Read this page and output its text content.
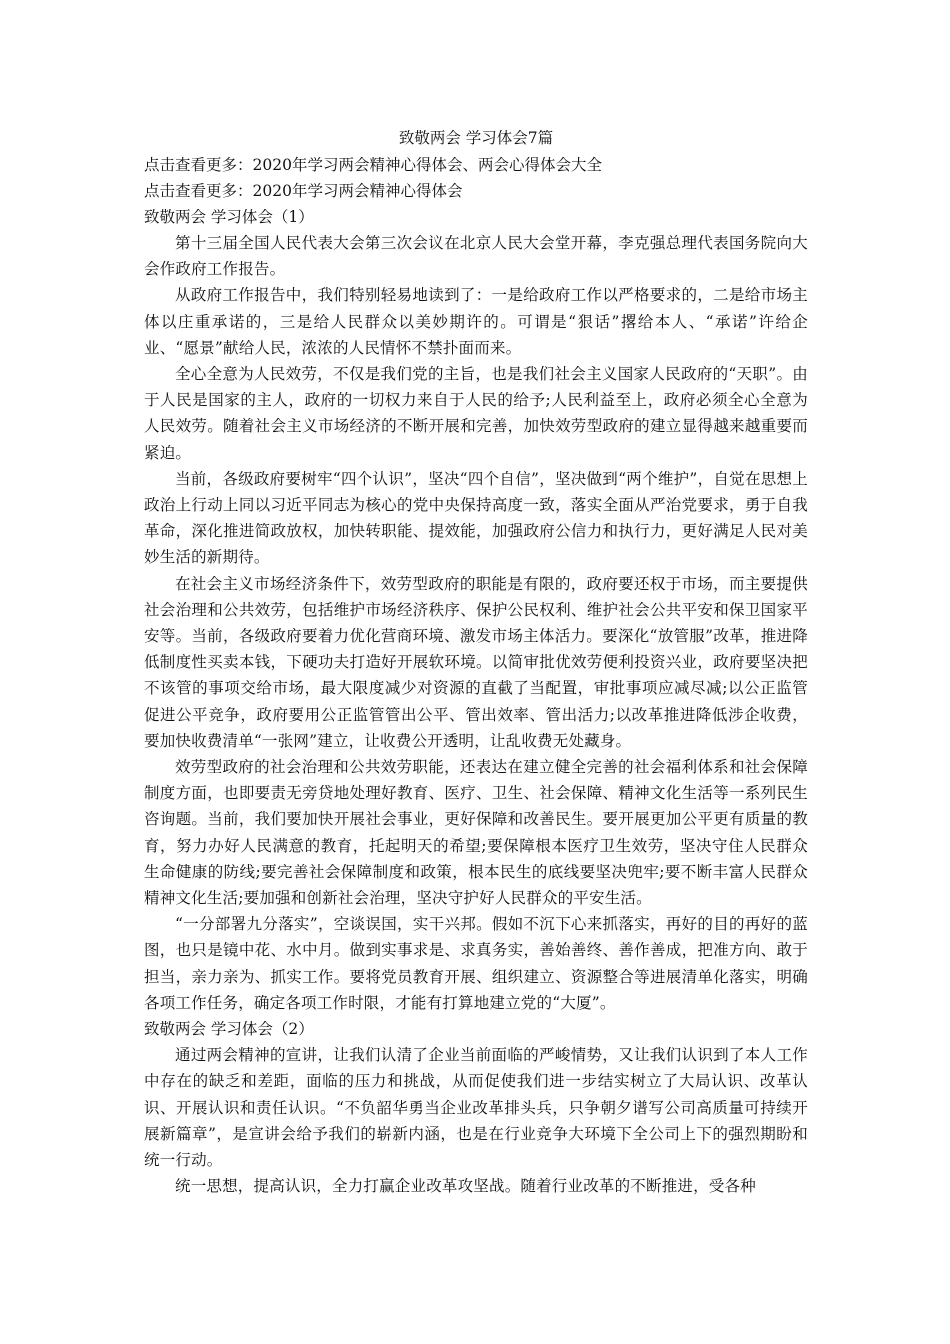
致敬两会 学习体会7篇

点击查看更多：2020年学习两会精神心得体会、两会心得体会大全

点击查看更多：2020年学习两会精神心得体会

致敬两会 学习体会（1）

第十三届全国人民代表大会第三次会议在北京人民大会堂开幕，李克强总理代表国务院向大会作政府工作报告。

从政府工作报告中，我们特别轻易地读到了：一是给政府工作以严格要求的，二是给市场主体以庄重承诺的，三是给人民群众以美妙期许的。可谓是“狠话”撂给本人、“承诺”许给企业、“愿景”献给人民，浓浓的人民情怀不禁扑面而来。

全心全意为人民效劳，不仅是我们党的主旨，也是我们社会主义国家人民政府的“天职”。由于人民是国家的主人，政府的一切权力来自于人民的给予;人民利益至上，政府必须全心全意为人民效劳。随着社会主义市场经济的不断开展和完善，加快效劳型政府的建立显得越来越重要而紧迫。

当前，各级政府要树牢“四个认识”，坚决“四个自信”，坚决做到“两个维护”，自觉在思想上政治上行动上同以习近平同志为核心的党中央保持高度一致，落实全面从严治党要求，勇于自我革命，深化推进简政放权，加快转职能、提效能，加强政府公信力和执行力，更好满足人民对美妙生活的新期待。

在社会主义市场经济条件下，效劳型政府的职能是有限的，政府要还权于市场，而主要提供社会治理和公共效劳，包括维护市场经济秩序、保护公民权利、维护社会公共平安和保卫国家平安等。当前，各级政府要着力优化营商环境、激发市场主体活力。要深化“放管服”改革，推进降低制度性买卖本钱，下硬功夫打造好开展软环境。以简审批优效劳便利投资兴业，政府要坚决把不该管的事项交给市场，最大限度减少对资源的直截了当配置，审批事项应减尽减;以公正监管促进公平竞争，政府要用公正监管管出公平、管出效率、管出活力;以改革推进降低涉企收费，要加快收费清单“一张网”建立，让收费公开透明，让乱收费无处藏身。

效劳型政府的社会治理和公共效劳职能，还表达在建立健全完善的社会福利体系和社会保障制度方面，也即要责无旁贷地处理好教育、医疗、卫生、社会保障、精神文化生活等一系列民生咨询题。当前，我们要加快开展社会事业，更好保障和改善民生。要开展更加公平更有质量的教育，努力办好人民满意的教育，托起明天的希望;要保障根本医疗卫生效劳，坚决守住人民群众生命健康的防线;要完善社会保障制度和政策，根本民生的底线要坚决兜牢;要不断丰富人民群众精神文化生活;要加强和创新社会治理，坚决守护好人民群众的平安生活。

“一分部署九分落实”，空谈误国，实干兴邦。假如不沉下心来抓落实，再好的目的再好的蓝图，也只是镜中花、水中月。做到实事求是、求真务实，善始善终、善作善成，把准方向、敢于担当，亲力亲为、抓实工作。要将党员教育开展、组织建立、资源整合等进展清单化落实，明确各项工作任务，确定各项工作时限，才能有打算地建立党的“大厦”。

致敬两会 学习体会（2）

通过两会精神的宣讲，让我们认清了企业当前面临的严峻情势，又让我们认识到了本人工作中存在的缺乏和差距，面临的压力和挑战，从而促使我们进一步结实树立了大局认识、改革认识、开展认识和责任认识。“不负韶华勇当企业改革排头兵，只争朝夕谱写公司高质量可持续开展新篇章”，是宣讲会给予我们的崭新内涵，也是在行业竞争大环境下全公司上下的强烈期盼和统一行动。

统一思想，提高认识，全力打赢企业改革攻坚战。随着行业改革的不断推进，受各种
